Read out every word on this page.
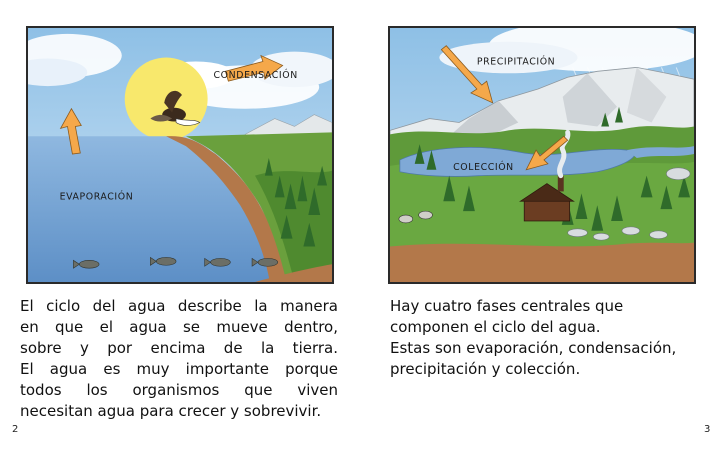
CONDENSACIÓN
EVAPORACIÓN
El ciclo del agua describe la manera
en que el agua se mueve dentro,
sobre y por encima de la tierra.
El agua es muy importante porque
todos los organismos que viven
necesitan agua para crecer y sobrevivir.
2
PRECIPITACIÓN
COLECCIÓN
Hay cuatro fases centrales que
componen el ciclo del agua.
Estas son evaporación, condensación,
precipitación y colección.
3
